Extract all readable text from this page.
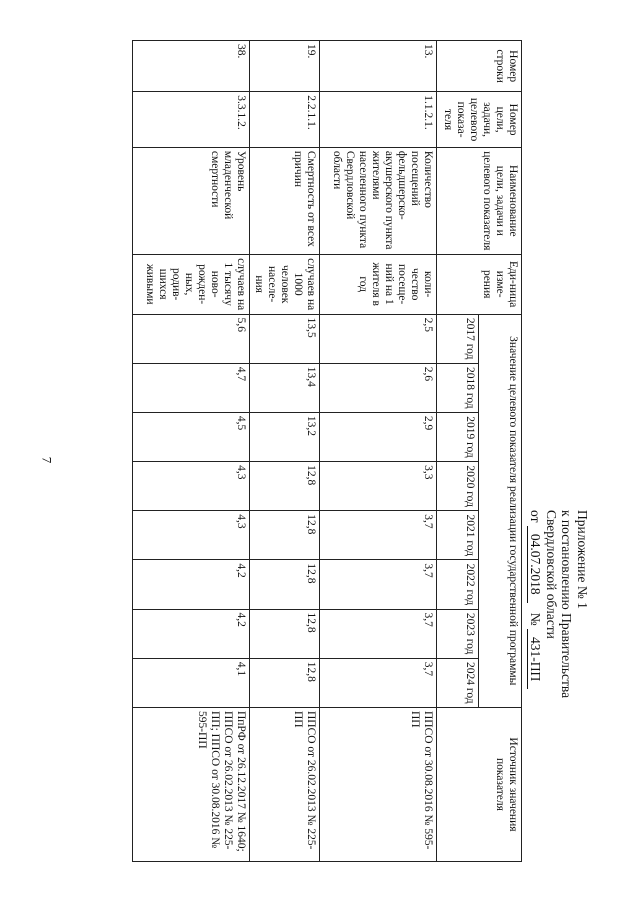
7
Приложение № 1
к постановлению Правительства
Свердловской области
от 04.07.2018   № 431-ПП
Номер строки	Номер цели, задачи, целевого показа-теля	Наименование цели, задачи и целевого показателя	Еди-ница изме-рения	Значение целевого показателя реализации государственной программы								Источник значения показателя
				2017 год	2018 год	2019 год	2020 год	2021 год	2022 год	2023 год	2024 год	
13.	1.1.2.1.	Количество посещений фельдшерско-акушерского пункта жителями населенного пункта Свердловской области	коли-чество посеще-ний на 1 жителя в год	2,5	2,6	2,9	3,3	3,7	3,7	3,7	3,7	ППСО от 30.08.2016 № 595-ПП
19.	2.2.1.1.	Смертность от всех причин	случаев на 1000 человек населе-ния	13,5	13,4	13,2	12,8	12,8	12,8	12,8	12,8	ППСО от 26.02.2013 № 225-ПП
38.	3.3.1.2.	Уровень младенческой смертности	случаев на 1 тысячу ново-рожден-ных, родив-шихся живыми	5,6	4,7	4,5	4,3	4,3	4,2	4,2	4,1	ПпРФ от 26.12.2017 № 1640; ППСО от 26.02.2013 № 225-ПП; ППСО от 30.08.2016 № 595-ПП
